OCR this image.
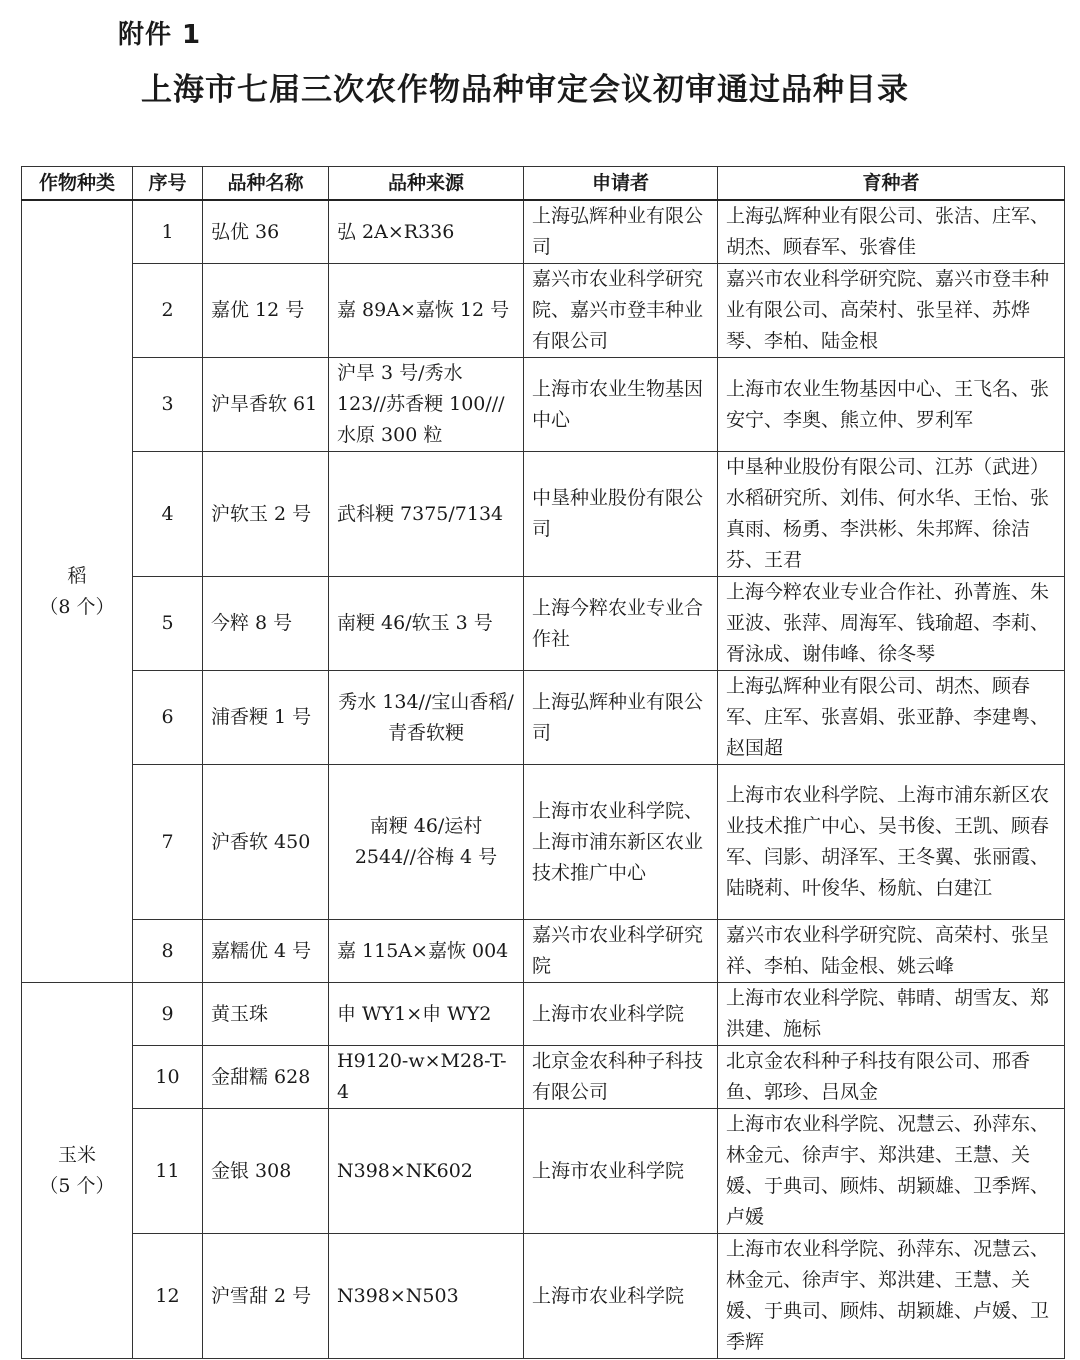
附件 1
上海市七届三次农作物品种审定会议初审通过品种目录
作物种类	序号	品种名称	品种来源	申请者	育种者

稻
（8 个）	1	弘优 36	弘 2A×R336	上海弘辉种业有限公司	上海弘辉种业有限公司、张洁、庄军、胡杰、顾春军、张睿佳
	2	嘉优 12 号	嘉 89A×嘉恢 12 号	嘉兴市农业科学研究院、嘉兴市登丰种业有限公司	嘉兴市农业科学研究院、嘉兴市登丰种业有限公司、高荣村、张呈祥、苏烨琴、李柏、陆金根
	3	沪旱香软 61	沪旱 3 号/秀水 123//苏香粳 100///水原 300 粒	上海市农业生物基因中心	上海市农业生物基因中心、王飞名、张安宁、李奥、熊立仲、罗利军
	4	沪软玉 2 号	武科粳 7375/7134	中垦种业股份有限公司	中垦种业股份有限公司、江苏（武进）水稻研究所、刘伟、何水华、王怡、张真雨、杨勇、李洪彬、朱邦辉、徐洁芬、王君
	5	今粹 8 号	南粳 46/软玉 3 号	上海今粹农业专业合作社	上海今粹农业专业合作社、孙菁旌、朱亚波、张萍、周海军、钱瑜超、李莉、胥泳成、谢伟峰、徐冬琴
	6	浦香粳 1 号	秀水 134//宝山香稻/青香软粳	上海弘辉种业有限公司	上海弘辉种业有限公司、胡杰、顾春军、庄军、张喜娟、张亚静、李建粤、赵国超
	7	沪香软 450	南粳 46/运村 2544//谷梅 4 号	上海市农业科学院、上海市浦东新区农业技术推广中心	上海市农业科学院、上海市浦东新区农业技术推广中心、吴书俊、王凯、顾春军、闫影、胡泽军、王冬翼、张丽霞、陆晓莉、叶俊华、杨航、白建江
	8	嘉糯优 4 号	嘉 115A×嘉恢 004	嘉兴市农业科学研究院	嘉兴市农业科学研究院、高荣村、张呈祥、李柏、陆金根、姚云峰

玉米
（5 个）	9	黄玉珠	申 WY1×申 WY2	上海市农业科学院	上海市农业科学院、韩晴、胡雪友、郑洪建、施标
	10	金甜糯 628	H9120-w×M28-T-4	北京金农科种子科技有限公司	北京金农科种子科技有限公司、邢香鱼、郭珍、吕凤金
	11	金银 308	N398×NK602	上海市农业科学院	上海市农业科学院、况慧云、孙萍东、林金元、徐声宇、郑洪建、王慧、关媛、于典司、顾炜、胡颖雄、卫季辉、卢媛
	12	沪雪甜 2 号	N398×N503	上海市农业科学院	上海市农业科学院、孙萍东、况慧云、林金元、徐声宇、郑洪建、王慧、关媛、于典司、顾炜、胡颖雄、卢媛、卫季辉
